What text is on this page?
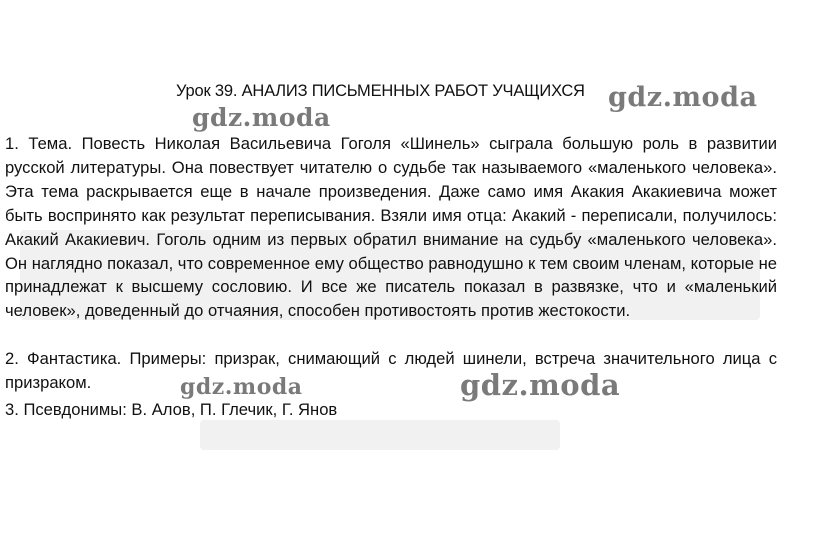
Урок 39. АНАЛИЗ ПИСЬМЕННЫХ РАБОТ УЧАЩИХСЯ

1. Тема. Повесть Николая Васильевича Гоголя «Шинель» сыграла большую роль в развитии русской литературы. Она повествует читателю о судьбе так называемого «маленького человека». Эта тема раскрывается еще в начале произведения. Даже само имя Акакия Акакиевича может быть воспринято как результат переписывания. Взяли имя отца: Акакий - переписали, получилось: Акакий Акакиевич. Гоголь одним из первых обратил внимание на судьбу «маленького человека». Он наглядно показал, что современное ему общество равнодушно к тем своим членам, которые не принадлежат к высшему сословию. И все же писатель показал в развязке, что и «маленький человек», доведенный до отчаяния, способен противостоять против жестокости.

2. Фантастика. Примеры: призрак, снимающий с людей шинели, встреча значительного лица с призраком.

3. Псевдонимы: В. Алов, П. Глечик, Г. Янов

gdz.moda
gdz.moda
gdz.moda	gdz.moda
